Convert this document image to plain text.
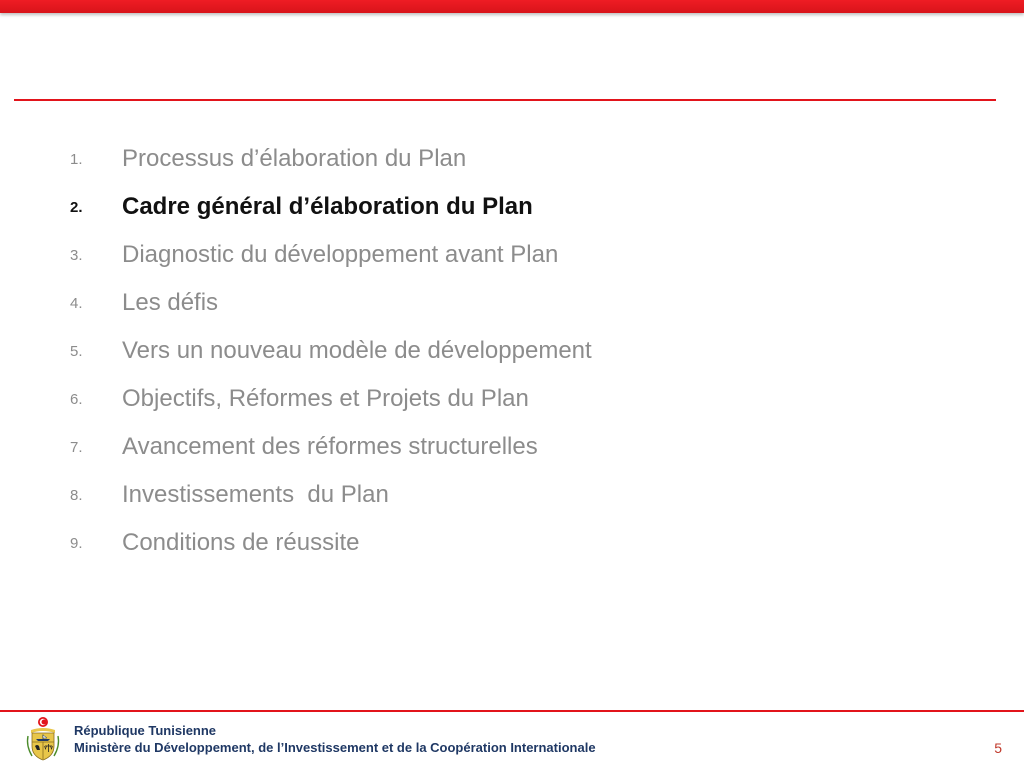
1.	Processus d’élaboration du Plan
2.	Cadre général d’élaboration du Plan
3.	Diagnostic du développement avant Plan
4.	Les défis
5.	Vers un nouveau modèle de développement
6.	Objectifs, Réformes et Projets du Plan
7.	Avancement des réformes structurelles
8.	Investissements  du Plan
9.	Conditions de réussite
République Tunisienne
Ministère du Développement, de l’Investissement et de la Coopération Internationale	5
